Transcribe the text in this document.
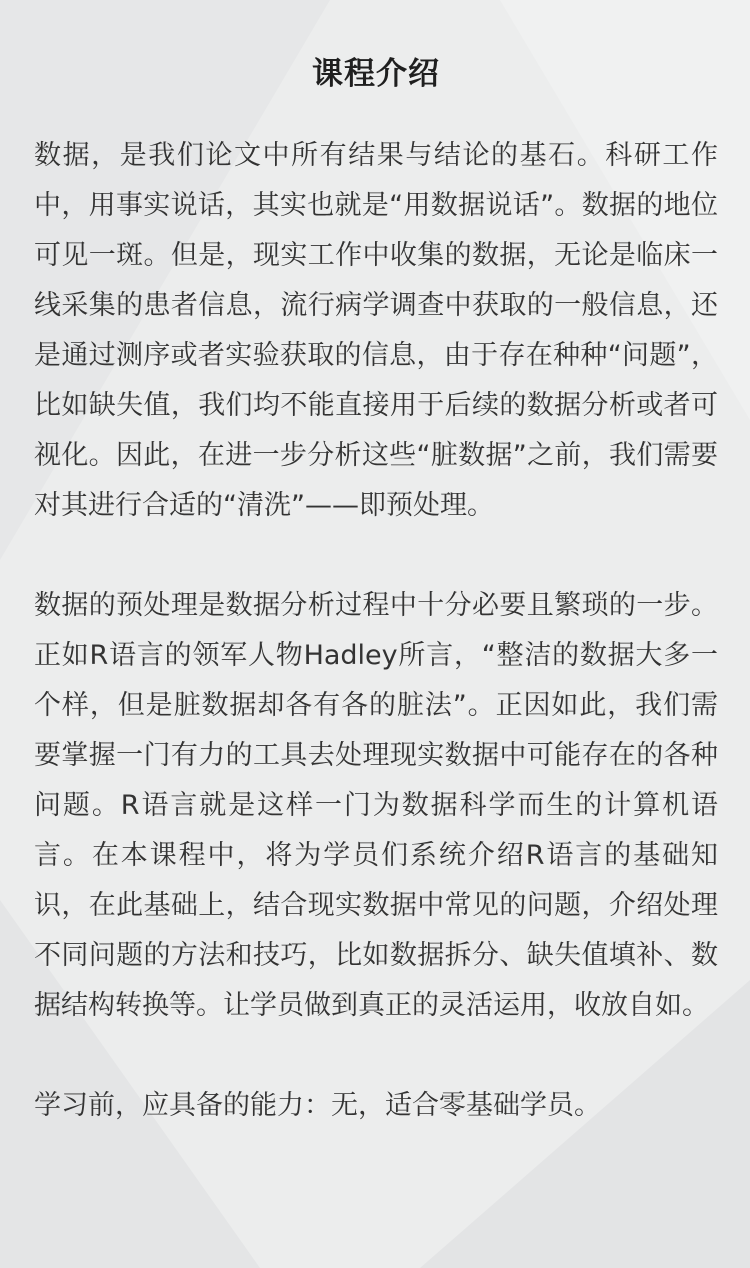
课程介绍

数据，是我们论文中所有结果与结论的基石。科研工作中，用事实说话，其实也就是“用数据说话”。数据的地位可见一斑。但是，现实工作中收集的数据，无论是临床一线采集的患者信息，流行病学调查中获取的一般信息，还是通过测序或者实验获取的信息，由于存在种种“问题”，比如缺失值，我们均不能直接用于后续的数据分析或者可视化。因此，在进一步分析这些“脏数据”之前，我们需要对其进行合适的“清洗”——即预处理。

数据的预处理是数据分析过程中十分必要且繁琐的一步。正如R语言的领军人物Hadley所言，“整洁的数据大多一个样，但是脏数据却各有各的脏法”。正因如此，我们需要掌握一门有力的工具去处理现实数据中可能存在的各种问题。R语言就是这样一门为数据科学而生的计算机语言。在本课程中，将为学员们系统介绍R语言的基础知识，在此基础上，结合现实数据中常见的问题，介绍处理不同问题的方法和技巧，比如数据拆分、缺失值填补、数据结构转换等。让学员做到真正的灵活运用，收放自如。

学习前，应具备的能力：无，适合零基础学员。
